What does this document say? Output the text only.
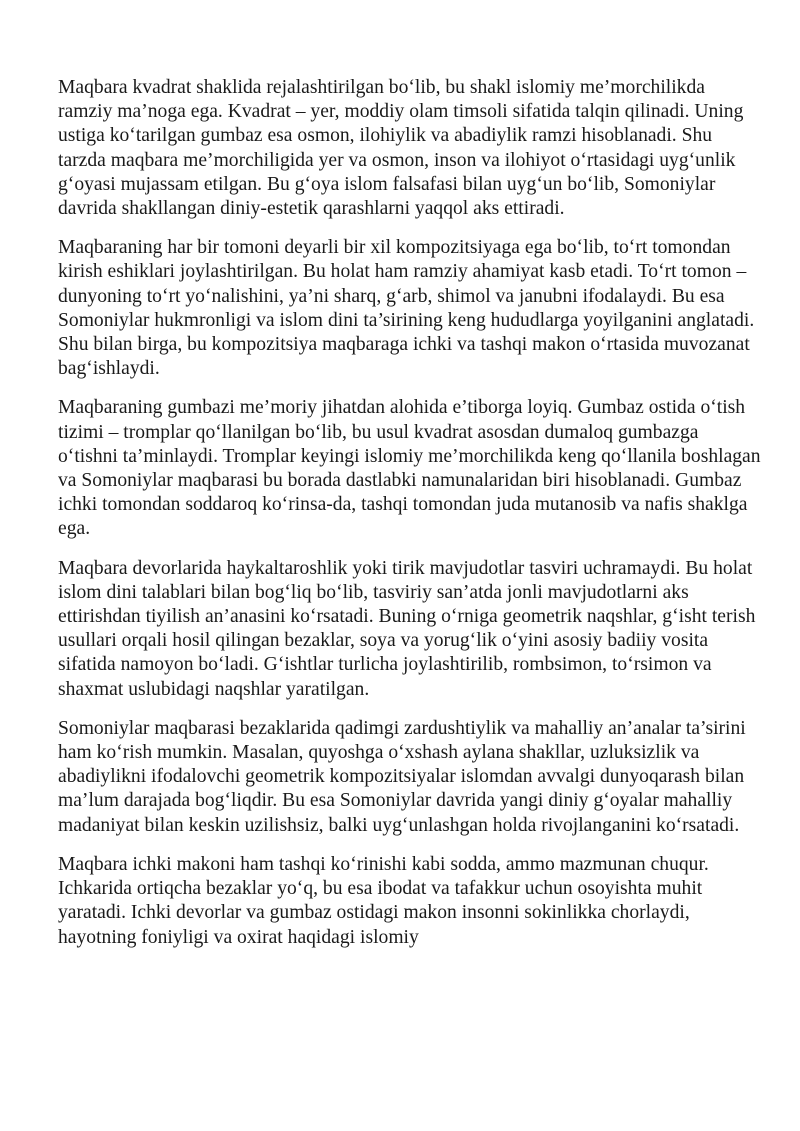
Maqbara kvadrat shaklida rejalashtirilgan bo‘lib, bu shakl islomiy me’morchilikda ramziy ma’noga ega. Kvadrat – yer, moddiy olam timsoli sifatida talqin qilinadi. Uning ustiga ko‘tarilgan gumbaz esa osmon, ilohiylik va abadiylik ramzi hisoblanadi. Shu tarzda maqbara me’morchiligida yer va osmon, inson va ilohiyot o‘rtasidagi uyg‘unlik g‘oyasi mujassam etilgan. Bu g‘oya islom falsafasi bilan uyg‘un bo‘lib, Somoniylar davrida shakllangan diniy-estetik qarashlarni yaqqol aks ettiradi.

Maqbaraning har bir tomoni deyarli bir xil kompozitsiyaga ega bo‘lib, to‘rt tomondan kirish eshiklari joylashtirilgan. Bu holat ham ramziy ahamiyat kasb etadi. To‘rt tomon – dunyoning to‘rt yo‘nalishini, ya’ni sharq, g‘arb, shimol va janubni ifodalaydi. Bu esa Somoniylar hukmronligi va islom dini ta’sirining keng hududlarga yoyilganini anglatadi. Shu bilan birga, bu kompozitsiya maqbaraga ichki va tashqi makon o‘rtasida muvozanat bag‘ishlaydi.

Maqbaraning gumbazi me’moriy jihatdan alohida e’tiborga loyiq. Gumbaz ostida o‘tish tizimi – tromplar qo‘llanilgan bo‘lib, bu usul kvadrat asosdan dumaloq gumbazga o‘tishni ta’minlaydi. Tromplar keyingi islomiy me’morchilikda keng qo‘llanila boshlagan va Somoniylar maqbarasi bu borada dastlabki namunalaridan biri hisoblanadi. Gumbaz ichki tomondan soddaroq ko‘rinsa-da, tashqi tomondan juda mutanosib va nafis shaklga ega.

Maqbara devorlarida haykaltaroshlik yoki tirik mavjudotlar tasviri uchramaydi. Bu holat islom dini talablari bilan bog‘liq bo‘lib, tasviriy san’atda jonli mavjudotlarni aks ettirishdan tiyilish an’anasini ko‘rsatadi. Buning o‘rniga geometrik naqshlar, g‘isht terish usullari orqali hosil qilingan bezaklar, soya va yorug‘lik o‘yini asosiy badiiy vosita sifatida namoyon bo‘ladi. G‘ishtlar turlicha joylashtirilib, rombsimon, to‘rsimon va shaxmat uslubidagi naqshlar yaratilgan.

Somoniylar maqbarasi bezaklarida qadimgi zardushtiylik va mahalliy an’analar ta’sirini ham ko‘rish mumkin. Masalan, quyoshga o‘xshash aylana shakllar, uzluksizlik va abadiylikni ifodalovchi geometrik kompozitsiyalar islomdan avvalgi dunyoqarash bilan ma’lum darajada bog‘liqdir. Bu esa Somoniylar davrida yangi diniy g‘oyalar mahalliy madaniyat bilan keskin uzilishsiz, balki uyg‘unlashgan holda rivojlanganini ko‘rsatadi.

Maqbara ichki makoni ham tashqi ko‘rinishi kabi sodda, ammo mazmunan chuqur. Ichkarida ortiqcha bezaklar yo‘q, bu esa ibodat va tafakkur uchun osoyishta muhit yaratadi. Ichki devorlar va gumbaz ostidagi makon insonni sokinlikka chorlaydi, hayotning foniyligi va oxirat haqidagi islomiy
